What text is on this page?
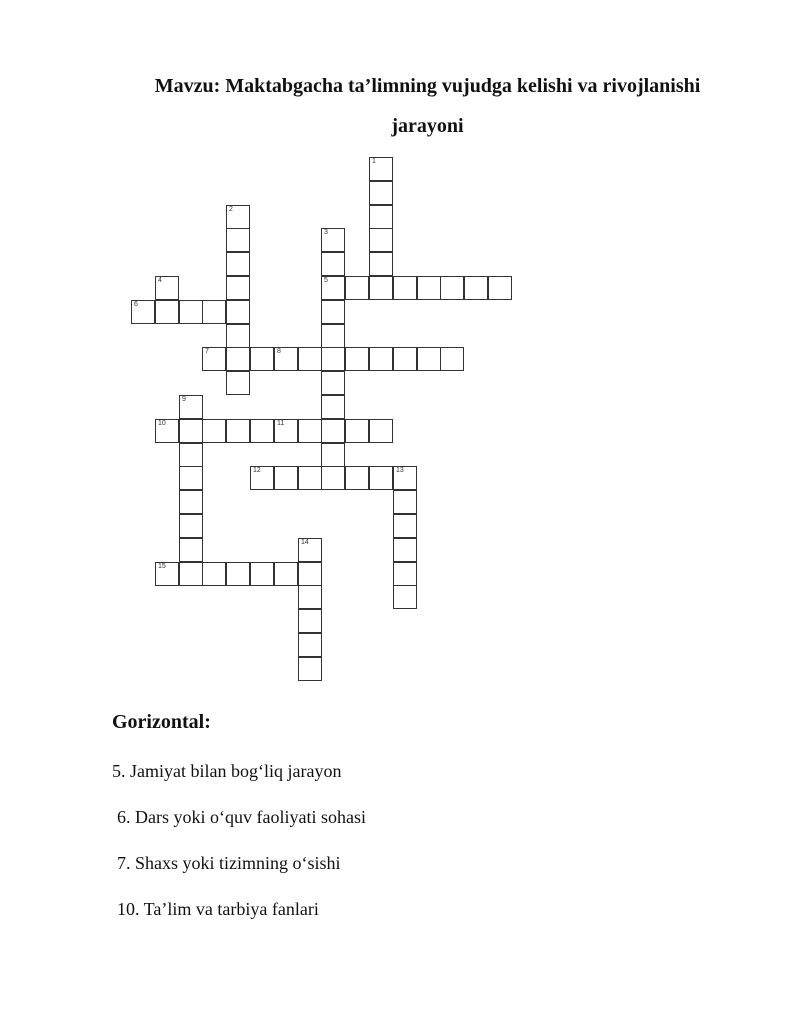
Mavzu: Maktabgacha ta’limning vujudga kelishi va rivojlanishi
jarayoni
1
2
3
5
4
6
7	8
9
10	11
12	13
14
15
Gorizontal:

5. Jamiyat bilan bog‘liq jarayon

6. Dars yoki o‘quv faoliyati sohasi

7. Shaxs yoki tizimning o‘sishi

10. Ta’lim va tarbiya fanlari
